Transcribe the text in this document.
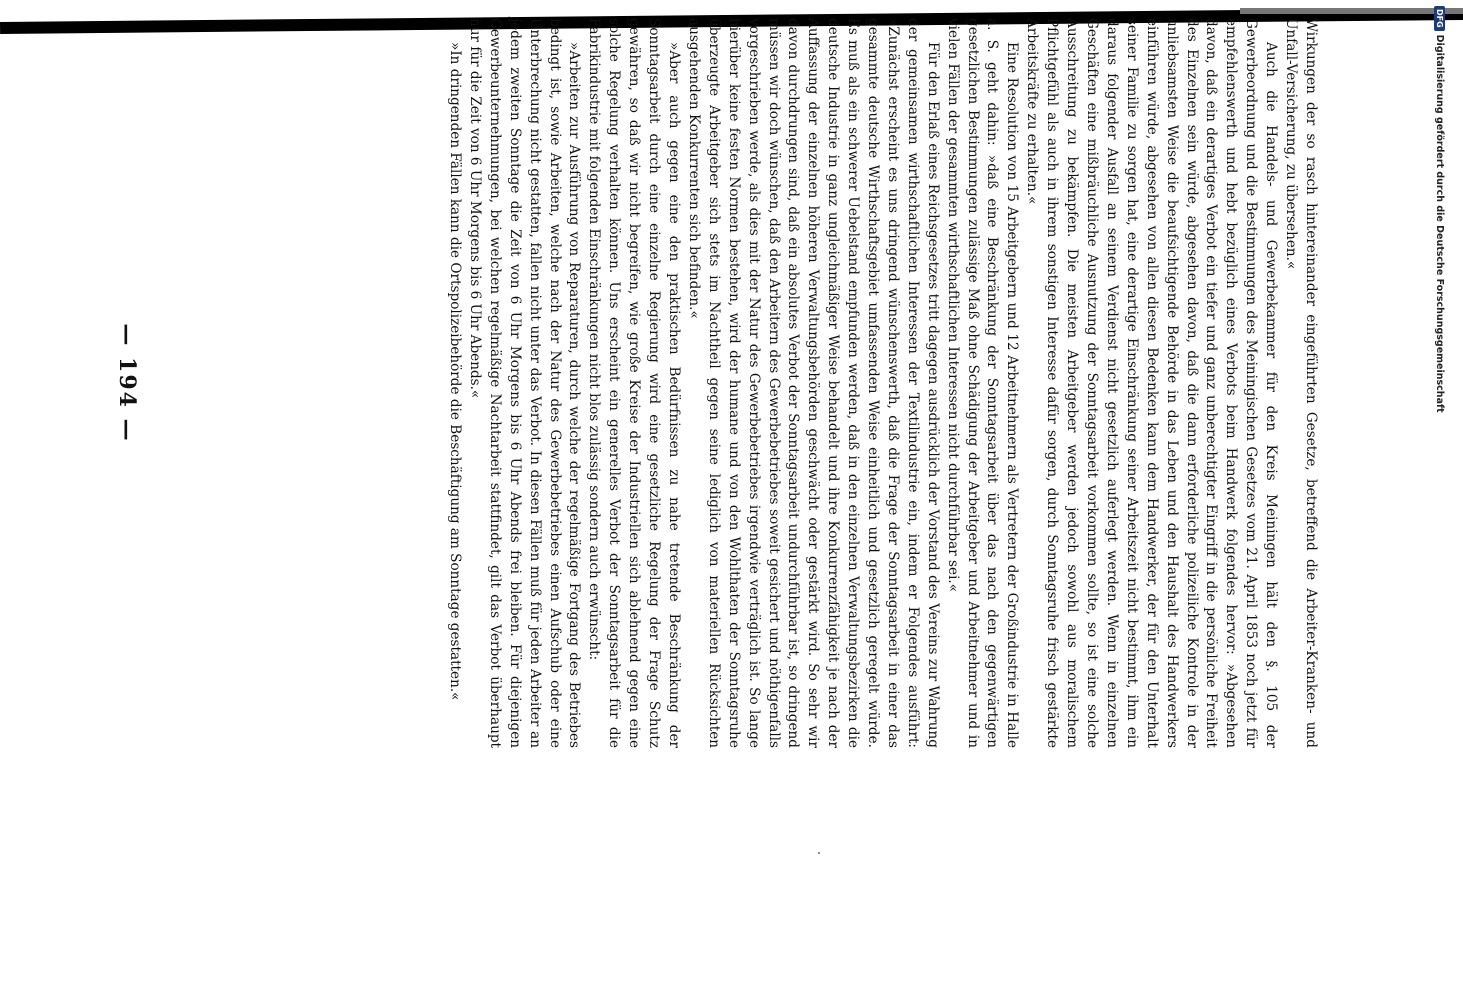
Wirkungen der so rasch hintereinander eingeführten Gesetze, betreffend die Arbeiter-Kranken- und Unfall-Versicherung, zu übersehen.«

Auch die Handels- und Gewerbekammer für den Kreis Meiningen hält den §. 105 der Gewerbeordnung und die Bestimmungen des Meiningischen Gesetzes vom 21. April 1853 noch jetzt für empfehlenswerth und hebt bezüglich eines Verbots beim Handwerk folgendes hervor: »Abgesehen davon, daß ein derartiges Verbot ein tiefer und ganz unberechtigter Eingriff in die persönliche Freiheit des Einzelnen sein würde, abgesehen davon, daß die dann erforderliche polizeiliche Kontrole in der unliebsamsten Weise die beaufsichtigende Behörde in das Leben und den Haushalt des Handwerkers einführen würde, abgesehen von allen diesen Bedenken kann dem Handwerker, der für den Unterhalt seiner Familie zu sorgen hat, eine derartige Einschränkung seiner Arbeitszeit nicht bestimmt, ihm ein daraus folgender Ausfall an seinem Verdienst nicht gesetzlich auferlegt werden. Wenn in einzelnen Geschäften eine mißbräuchliche Ausnutzung der Sonntagsarbeit vorkommen sollte, so ist eine solche Ausschreitung zu bekämpfen. Die meisten Arbeitgeber werden jedoch sowohl aus moralischem Pflichtgefühl als auch in ihrem sonstigen Interesse dafür sorgen, durch Sonntagsruhe frisch gestärkte Arbeitskräfte zu erhalten.«

Eine Resolution von 15 Arbeitgebern und 12 Arbeitnehmern als Vertretern der Großindustrie in Halle a. S. geht dahin: »daß eine Beschränkung der Sonntagsarbeit über das nach den gegenwärtigen gesetzlichen Bestimmungen zulässige Maß ohne Schädigung der Arbeitgeber und Arbeitnehmer und in vielen Fällen der gesammten wirthschaftlichen Interessen nicht durchführbar sei.«

Für den Erlaß eines Reichsgesetzes tritt dagegen ausdrücklich der Vorstand des Vereins zur Wahrung der gemeinsamen wirthschaftlichen Interessen der Textilindustrie ein, indem er Folgendes ausführt: »Zunächst erscheint es uns dringend wünschenswerth, daß die Frage der Sonntagsarbeit in einer das gesammte deutsche Wirthschaftsgebiet umfassenden Weise einheitlich und gesetzlich geregelt würde. Es muß als ein schwerer Uebelstand empfunden werden, daß in den einzelnen Verwaltungsbezirken die deutsche Industrie in ganz ungleichmäßiger Weise behandelt und ihre Konkurrenzfähigkeit je nach der Auffassung der einzelnen höheren Verwaltungsbehörden geschwächt oder gestärkt wird. So sehr wir davon durchdrungen sind, daß ein absolutes Verbot der Sonntagsarbeit undurchführbar ist, so dringend müssen wir doch wünschen, daß den Arbeitern des Gewerbebetriebes soweit gesichert und nöthigenfalls vorgeschrieben werde, als dies mit der Natur des Gewerbebetriebes irgendwie verträglich ist. So lange hierüber keine festen Normen bestehen, wird der humane und von den Wohlthaten der Sonntagsruhe überzeugte Arbeitgeber sich stets im Nachtheil gegen seine lediglich von materiellen Rücksichten ausgehenden Konkurrenten sich befinden.«

»Aber auch gegen eine den praktischen Bedürfnissen zu nahe tretende Beschränkung der Sonntagsarbeit durch eine einzelne Regierung wird eine gesetzliche Regelung der Frage Schutz gewähren, so daß wir nicht begreifen, wie große Kreise der Industriellen sich ablehnend gegen eine solche Regelung verhalten können. Uns erscheint ein generelles Verbot der Sonntagsarbeit für die Fabrikindustrie mit folgenden Einschränkungen nicht blos zulässig sondern auch erwünscht:

»Arbeiten zur Ausführung von Reparaturen, durch welche der regelmäßige Fortgang des Betriebes bedingt ist, sowie Arbeiten, welche nach der Natur des Gewerbebetriebes einen Aufschub oder eine Unterbrechung nicht gestatten, fallen nicht unter das Verbot. In diesen Fällen muß für jeden Arbeiter an jedem zweiten Sonntage die Zeit von 6 Uhr Morgens bis 6 Uhr Abends frei bleiben. Für diejenigen Gewerbeunternehmungen, bei welchen regelmäßige Nachtarbeit stattfindet, gilt das Verbot überhaupt nur für die Zeit von 6 Uhr Morgens bis 6 Uhr Abends.«

»In dringenden Fällen kann die Ortspolizeibehörde die Beschäftigung am Sonntage gestatten.«

— 194 —
DFG
Digitalisierung gefördert durch die Deutsche Forschungsgemeinschaft
